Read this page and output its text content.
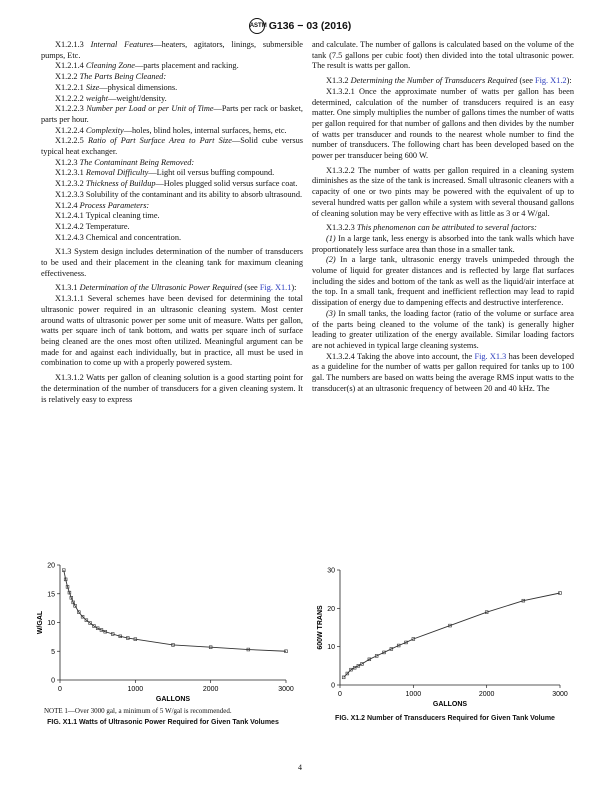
ASTM G136 − 03 (2016)

X1.2.1.3 Internal Features—heaters, agitators, linings, submersible pumps, Etc.

X1.2.1.4 Cleaning Zone—parts placement and racking.

X1.2.2 The Parts Being Cleaned:

X1.2.2.1 Size—physical dimensions.

X1.2.2.2 weight—weight/density.

X1.2.2.3 Number per Load or per Unit of Time—Parts per rack or basket, parts per hour.

X1.2.2.4 Complexity—holes, blind holes, internal surfaces, hems, etc.

X1.2.2.5 Ratio of Part Surface Area to Part Size—Solid cube versus typical heat exchanger.

X1.2.3 The Contaminant Being Removed:

X1.2.3.1 Removal Difficulty—Light oil versus buffing compound.

X1.2.3.2 Thickness of Buildup—Holes plugged solid versus surface coat.

X1.2.3.3 Solubility of the contaminant and its ability to absorb ultrasound.

X1.2.4 Process Parameters:

X1.2.4.1 Typical cleaning time.

X1.2.4.2 Temperature.

X1.2.4.3 Chemical and concentration.

X1.3 System design includes determination of the number of transducers to be used and their placement in the cleaning tank for maximum cleaning effectiveness.

X1.3.1 Determination of the Ultrasonic Power Required (see Fig. X1.1):

X1.3.1.1 Several schemes have been devised for determining the total ultrasonic power required in an ultrasonic cleaning system. Most center around watts of ultrasonic power per some unit of measure. Watts per gallon, watts per square inch of tank bottom, and watts per square inch of surface being cleaned are the ones most often utilized. Meaningful argument can be made for and against each individually, but in practice, all must be used in combination to come up with a properly powered system.

X1.3.1.2 Watts per gallon of cleaning solution is a good starting point for the determination of the number of transducers for a given cleaning system. It is relatively easy to express

and calculate. The number of gallons is calculated based on the volume of the tank (7.5 gallons per cubic foot) then divided into the total ultrasonic power. The result is watts per gallon.

X1.3.2 Determining the Number of Transducers Required (see Fig. X1.2):

X1.3.2.1 Once the approximate number of watts per gallon has been determined, calculation of the number of transducers required is an easy matter. One simply multiplies the number of gallons times the number of watts per gallon required for that number of gallons and then divides by the number of watts per transducer and rounds to the nearest whole number to find the number of transducers. The following chart has been developed based on the power per transducer being 600 W.

X1.3.2.2 The number of watts per gallon required in a cleaning system diminishes as the size of the tank is increased. Small ultrasonic cleaners with a capacity of one or two pints may be powered with the equivalent of up to several hundred watts per gallon while a system with several thousand gallons of cleaning solution may be very effective with as little as 3 or 4 W/gal.

X1.3.2.3 This phenomenon can be attributed to several factors:

(1) In a large tank, less energy is absorbed into the tank walls which have proportionately less surface area than those in a smaller tank.

(2) In a large tank, ultrasonic energy travels unimpeded through the volume of liquid for greater distances and is reflected by large flat surfaces including the sides and bottom of the tank as well as the liquid/air interface at the top. In a small tank, frequent and inefficient reflection may lead to rapid dissipation of energy due to dampening effects and destructive interference.

(3) In small tanks, the loading factor (ratio of the volume or surface area of the parts being cleaned to the volume of the tank) is generally higher leading to greater utilization of the energy available. Similar loading factors are not achieved in typical large cleaning systems.

X1.3.2.4 Taking the above into account, the Fig. X1.3 has been developed as a guideline for the number of watts per gallon required for tanks up to 100 gal. The numbers are based on watts being the average RMS input watts to the transducer(s) at an ultrasonic frequency of between 20 and 40 kHz. The

0	1000	2000	3000
0
5
10
15
20
GALLONS
W/GAL
NOTE 1—Over 3000 gal, a minimum of 5 W/gal is recommended.
FIG. X1.1 Watts of Ultrasonic Power Required for Given Tank Volumes
0	1000	2000	3000
0
10
20
30
GALLONS
600W TRANS
FIG. X1.2 Number of Transducers Required for Given Tank Volume
4
